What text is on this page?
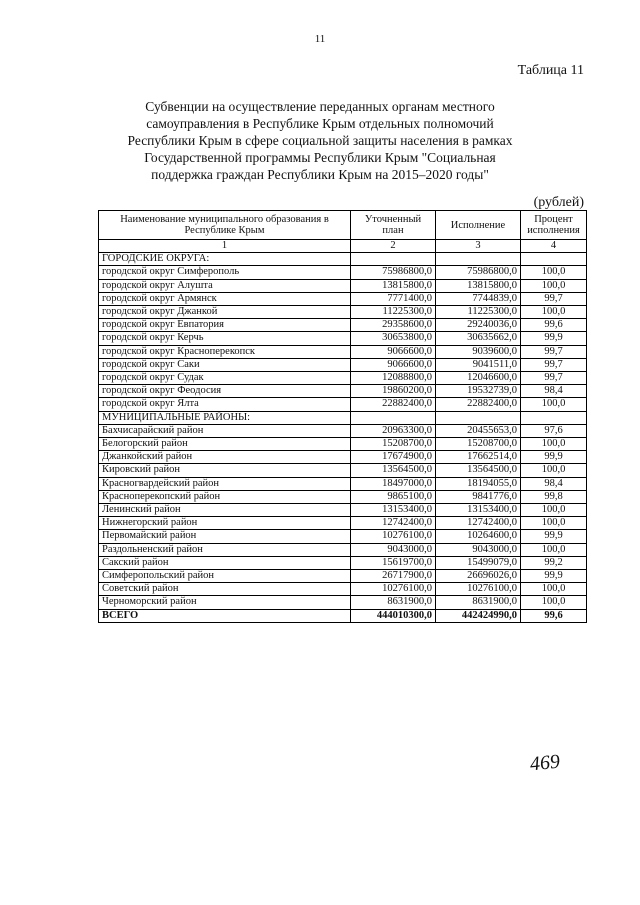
11
Таблица 11
Субвенции на осуществление переданных органам местного
самоуправления в Республике Крым отдельных полномочий
Республики Крым в сфере социальной защиты населения в рамках
Государственной программы Республики Крым "Социальная
поддержка граждан Республики Крым на 2015–2020 годы"
(рублей)
Наименование муниципального образования в Республике Крым	Уточненный план	Исполнение	Процент исполнения
1	2	3	4
ГОРОДСКИЕ ОКРУГА:			
городской округ Симферополь	75986800,0	75986800,0	100,0
городской округ Алушта	13815800,0	13815800,0	100,0
городской округ Армянск	7771400,0	7744839,0	99,7
городской округ Джанкой	11225300,0	11225300,0	100,0
городской округ Евпатория	29358600,0	29240036,0	99,6
городской округ Керчь	30653800,0	30635662,0	99,9
городской округ Красноперекопск	9066600,0	9039600,0	99,7
городской округ Саки	9066600,0	9041511,0	99,7
городской округ Судак	12088800,0	12046600,0	99,7
городской округ Феодосия	19860200,0	19532739,0	98,4
городской округ Ялта	22882400,0	22882400,0	100,0
МУНИЦИПАЛЬНЫЕ РАЙОНЫ:			
Бахчисарайский район	20963300,0	20455653,0	97,6
Белогорский район	15208700,0	15208700,0	100,0
Джанкойский район	17674900,0	17662514,0	99,9
Кировский район	13564500,0	13564500,0	100,0
Красногвардейский район	18497000,0	18194055,0	98,4
Красноперекопский район	9865100,0	9841776,0	99,8
Ленинский район	13153400,0	13153400,0	100,0
Нижнегорский район	12742400,0	12742400,0	100,0
Первомайский район	10276100,0	10264600,0	99,9
Раздольненский район	9043000,0	9043000,0	100,0
Сакский район	15619700,0	15499079,0	99,2
Симферопольский район	26717900,0	26696026,0	99,9
Советский район	10276100,0	10276100,0	100,0
Черноморский район	8631900,0	8631900,0	100,0
ВСЕГО	444010300,0	442424990,0	99,6
469
